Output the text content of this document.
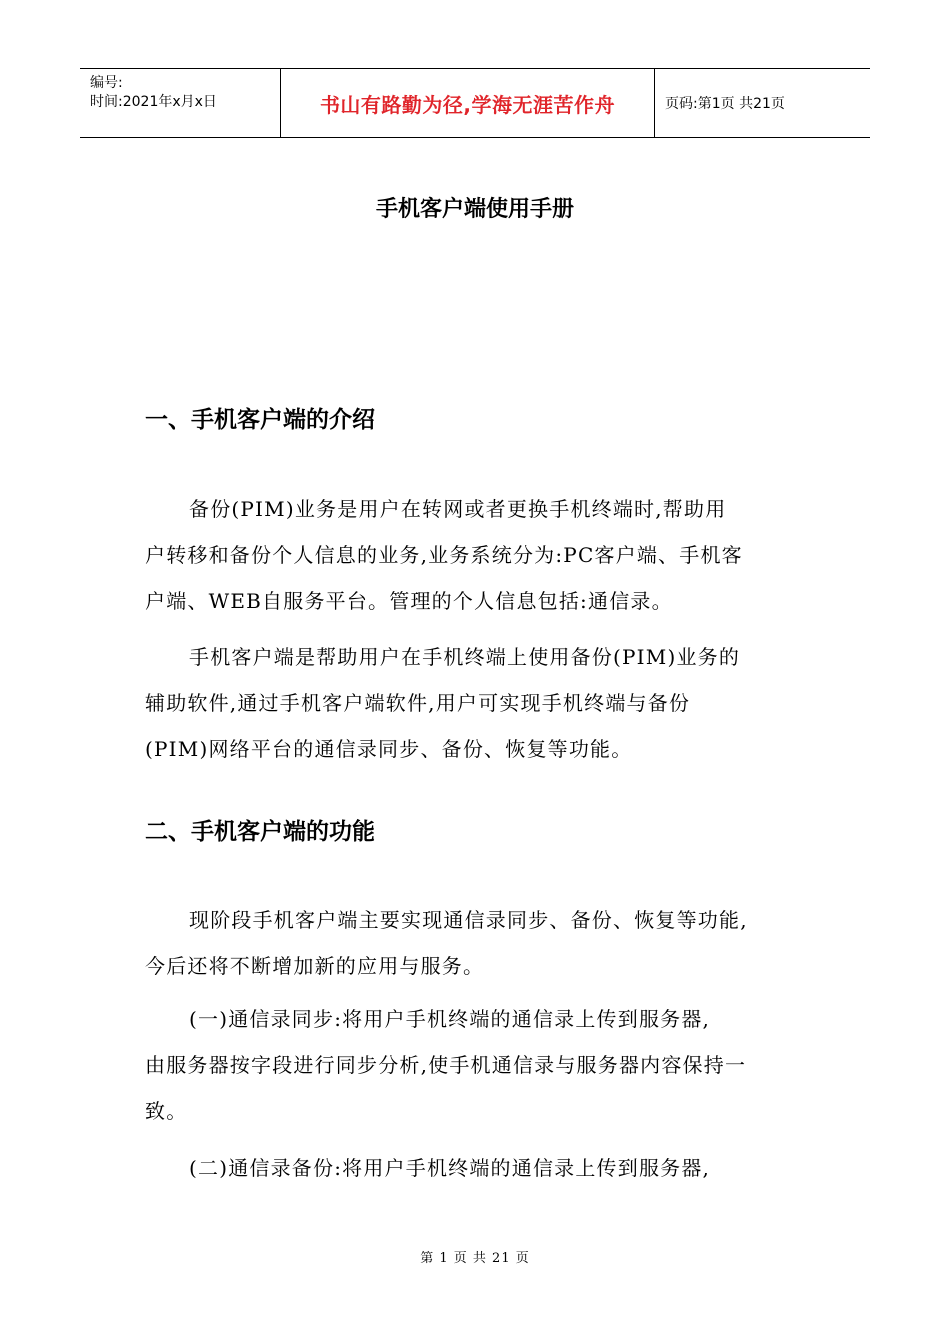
编号:
时间:2021年x月x日	书山有路勤为径,学海无涯苦作舟	页码:第1页 共21页
手机客户端使用手册
一、手机客户端的介绍
备份(PIM)业务是用户在转网或者更换手机终端时,帮助用
户转移和备份个人信息的业务,业务系统分为:PC客户端、手机客
户端、WEB自服务平台。管理的个人信息包括:通信录。
手机客户端是帮助用户在手机终端上使用备份(PIM)业务的
辅助软件,通过手机客户端软件,用户可实现手机终端与备份
(PIM)网络平台的通信录同步、备份、恢复等功能。
二、手机客户端的功能
现阶段手机客户端主要实现通信录同步、备份、恢复等功能,
今后还将不断增加新的应用与服务。
(一)通信录同步:将用户手机终端的通信录上传到服务器,
由服务器按字段进行同步分析,使手机通信录与服务器内容保持一
致。
(二)通信录备份:将用户手机终端的通信录上传到服务器,
第 1 页 共 21 页
